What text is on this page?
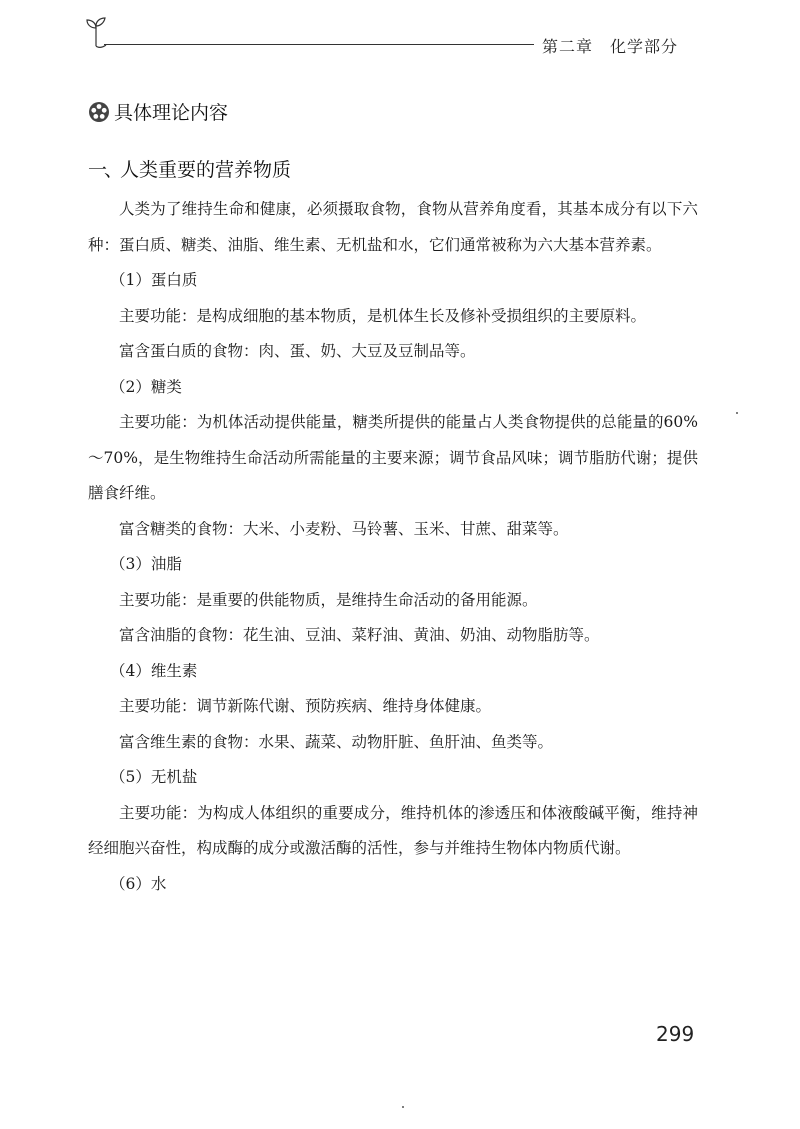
第二章　化学部分
具体理论内容
一、人类重要的营养物质

人类为了维持生命和健康，必须摄取食物，食物从营养角度看，其基本成分有以下六种：蛋白质、糖类、油脂、维生素、无机盐和水，它们通常被称为六大基本营养素。

（1）蛋白质

主要功能：是构成细胞的基本物质，是机体生长及修补受损组织的主要原料。

富含蛋白质的食物：肉、蛋、奶、大豆及豆制品等。

（2）糖类

主要功能：为机体活动提供能量，糖类所提供的能量占人类食物提供的总能量的60%～70%，是生物维持生命活动所需能量的主要来源；调节食品风味；调节脂肪代谢；提供膳食纤维。

富含糖类的食物：大米、小麦粉、马铃薯、玉米、甘蔗、甜菜等。

（3）油脂

主要功能：是重要的供能物质，是维持生命活动的备用能源。

富含油脂的食物：花生油、豆油、菜籽油、黄油、奶油、动物脂肪等。

（4）维生素

主要功能：调节新陈代谢、预防疾病、维持身体健康。

富含维生素的食物：水果、蔬菜、动物肝脏、鱼肝油、鱼类等。

（5）无机盐

主要功能：为构成人体组织的重要成分，维持机体的渗透压和体液酸碱平衡，维持神经细胞兴奋性，构成酶的成分或激活酶的活性，参与并维持生物体内物质代谢。

（6）水

299
